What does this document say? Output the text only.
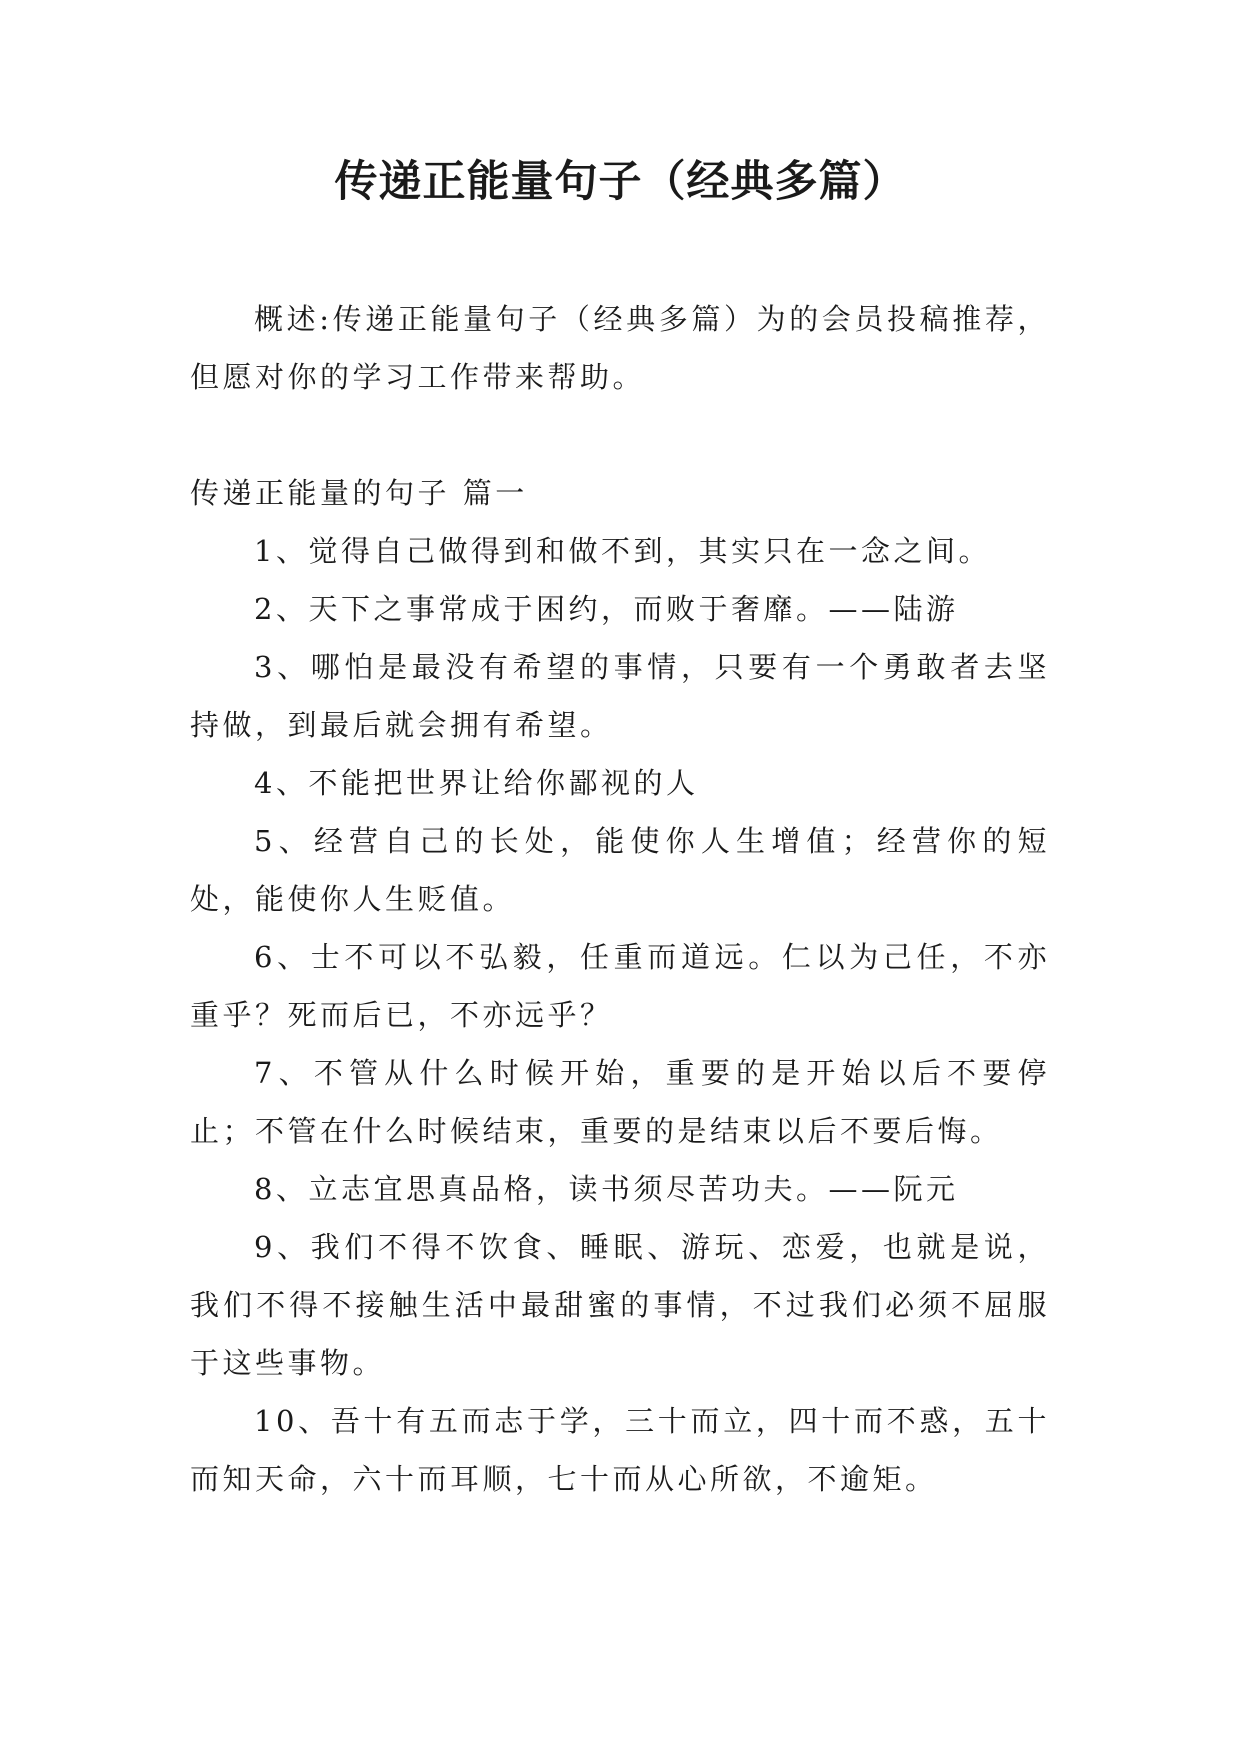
传递正能量句子（经典多篇）

概述:传递正能量句子（经典多篇）为的会员投稿推荐，但愿对你的学习工作带来帮助。

传递正能量的句子 篇一

1、觉得自己做得到和做不到，其实只在一念之间。

2、天下之事常成于困约，而败于奢靡。——陆游

3、哪怕是最没有希望的事情，只要有一个勇敢者去坚持做，到最后就会拥有希望。

4、不能把世界让给你鄙视的人

5、经营自己的长处，能使你人生增值；经营你的短处，能使你人生贬值。

6、士不可以不弘毅，任重而道远。仁以为己任，不亦重乎？死而后已，不亦远乎？

7、不管从什么时候开始，重要的是开始以后不要停止；不管在什么时候结束，重要的是结束以后不要后悔。

8、立志宜思真品格，读书须尽苦功夫。——阮元

9、我们不得不饮食、睡眠、游玩、恋爱，也就是说，我们不得不接触生活中最甜蜜的事情，不过我们必须不屈服于这些事物。

10、吾十有五而志于学，三十而立，四十而不惑，五十而知天命，六十而耳顺，七十而从心所欲，不逾矩。
